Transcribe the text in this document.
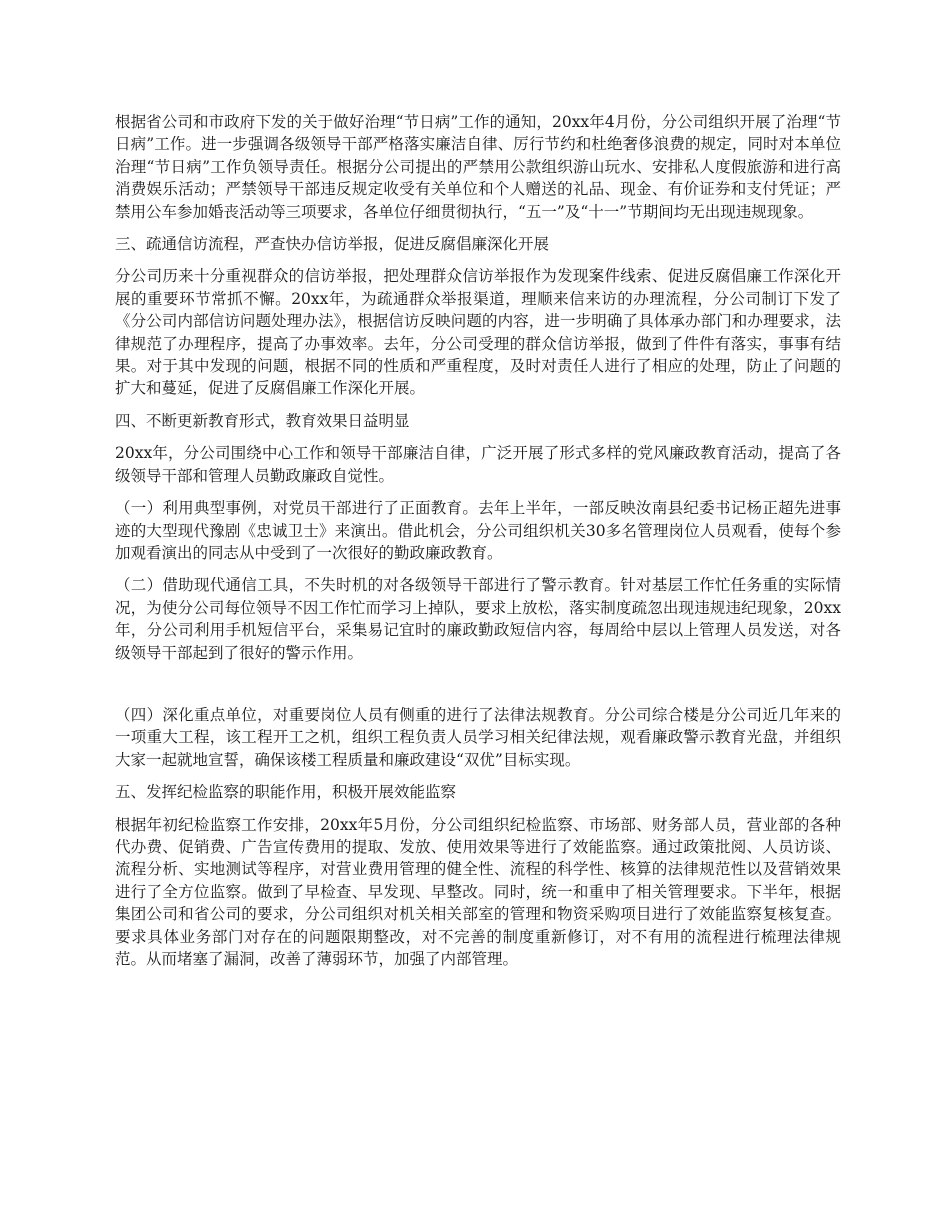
根据省公司和市政府下发的关于做好治理“节日病”工作的通知，20xx年4月份，分公司组织开展了治理“节日病”工作。进一步强调各级领导干部严格落实廉洁自律、厉行节约和杜绝奢侈浪费的规定，同时对本单位治理“节日病”工作负领导责任。根据分公司提出的严禁用公款组织游山玩水、安排私人度假旅游和进行高消费娱乐活动；严禁领导干部违反规定收受有关单位和个人赠送的礼品、现金、有价证券和支付凭证；严禁用公车参加婚丧活动等三项要求，各单位仔细贯彻执行，“五一”及“十一”节期间均无出现违规现象。

三、疏通信访流程，严查快办信访举报，促进反腐倡廉深化开展

分公司历来十分重视群众的信访举报，把处理群众信访举报作为发现案件线索、促进反腐倡廉工作深化开展的重要环节常抓不懈。20xx年，为疏通群众举报渠道，理顺来信来访的办理流程，分公司制订下发了《分公司内部信访问题处理办法》，根据信访反映问题的内容，进一步明确了具体承办部门和办理要求，法律规范了办理程序，提高了办事效率。去年，分公司受理的群众信访举报，做到了件件有落实，事事有结果。对于其中发现的问题，根据不同的性质和严重程度，及时对责任人进行了相应的处理，防止了问题的扩大和蔓延，促进了反腐倡廉工作深化开展。

四、不断更新教育形式，教育效果日益明显

20xx年，分公司围绕中心工作和领导干部廉洁自律，广泛开展了形式多样的党风廉政教育活动，提高了各级领导干部和管理人员勤政廉政自觉性。

（一）利用典型事例，对党员干部进行了正面教育。去年上半年，一部反映汝南县纪委书记杨正超先进事迹的大型现代豫剧《忠诚卫士》来演出。借此机会，分公司组织机关30多名管理岗位人员观看，使每个参加观看演出的同志从中受到了一次很好的勤政廉政教育。

（二）借助现代通信工具，不失时机的对各级领导干部进行了警示教育。针对基层工作忙任务重的实际情况，为使分公司每位领导不因工作忙而学习上掉队，要求上放松，落实制度疏忽出现违规违纪现象，20xx年，分公司利用手机短信平台，采集易记宜时的廉政勤政短信内容，每周给中层以上管理人员发送，对各级领导干部起到了很好的警示作用。

（四）深化重点单位，对重要岗位人员有侧重的进行了法律法规教育。分公司综合楼是分公司近几年来的一项重大工程，该工程开工之机，组织工程负责人员学习相关纪律法规，观看廉政警示教育光盘，并组织大家一起就地宣誓，确保该楼工程质量和廉政建设“双优”目标实现。

五、发挥纪检监察的职能作用，积极开展效能监察

根据年初纪检监察工作安排，20xx年5月份，分公司组织纪检监察、市场部、财务部人员，营业部的各种代办费、促销费、广告宣传费用的提取、发放、使用效果等进行了效能监察。通过政策批阅、人员访谈、流程分析、实地测试等程序，对营业费用管理的健全性、流程的科学性、核算的法律规范性以及营销效果进行了全方位监察。做到了早检查、早发现、早整改。同时，统一和重申了相关管理要求。下半年，根据集团公司和省公司的要求，分公司组织对机关相关部室的管理和物资采购项目进行了效能监察复核复查。要求具体业务部门对存在的问题限期整改，对不完善的制度重新修订，对不有用的流程进行梳理法律规范。从而堵塞了漏洞，改善了薄弱环节，加强了内部管理。
